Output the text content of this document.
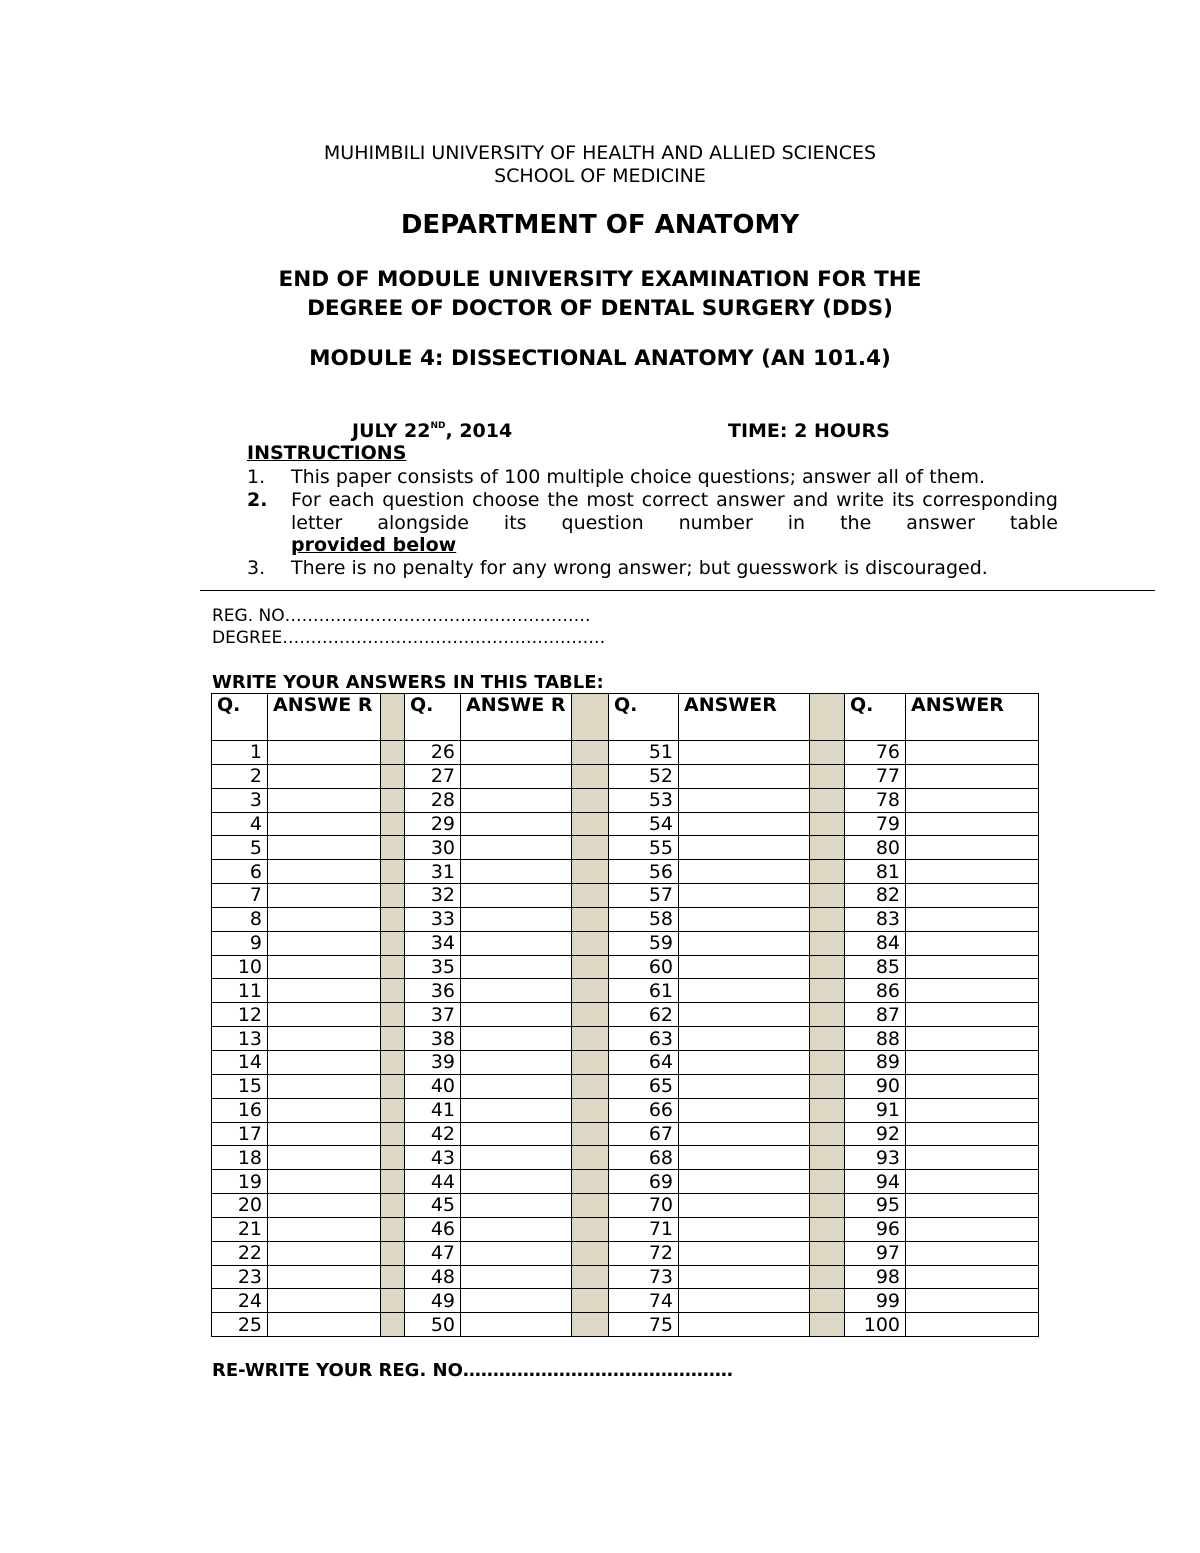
MUHIMBILI UNIVERSITY OF HEALTH AND ALLIED SCIENCES
SCHOOL OF MEDICINE
DEPARTMENT OF ANATOMY
END OF MODULE UNIVERSITY EXAMINATION FOR THE
DEGREE OF DOCTOR OF DENTAL SURGERY (DDS)
MODULE 4: DISSECTIONAL ANATOMY (AN 101.4)
JULY 22ND, 2014	TIME: 2 HOURS
INSTRUCTIONS
1. This paper consists of 100 multiple choice questions; answer all of them.
2. For each question choose the most correct answer and write its corresponding letter alongside its question number in the answer table
provided below
3. There is no penalty for any wrong answer; but guesswork is discouraged.
REG. NO………………………………………………
DEGREE…………………………………………………
WRITE YOUR ANSWERS IN THIS TABLE:
Q.	ANSWE R		Q.	ANSWE R		Q.	ANSWER		Q.	ANSWER
1			26			51			76	
2			27			52			77	
3			28			53			78	
4			29			54			79	
5			30			55			80	
6			31			56			81	
7			32			57			82	
8			33			58			83	
9			34			59			84	
10			35			60			85	
11			36			61			86	
12			37			62			87	
13			38			63			88	
14			39			64			89	
15			40			65			90	
16			41			66			91	
17			42			67			92	
18			43			68			93	
19			44			69			94	
20			45			70			95	
21			46			71			96	
22			47			72			97	
23			48			73			98	
24			49			74			99	
25			50			75			100	
RE-WRITE YOUR REG. NO………………………………………
